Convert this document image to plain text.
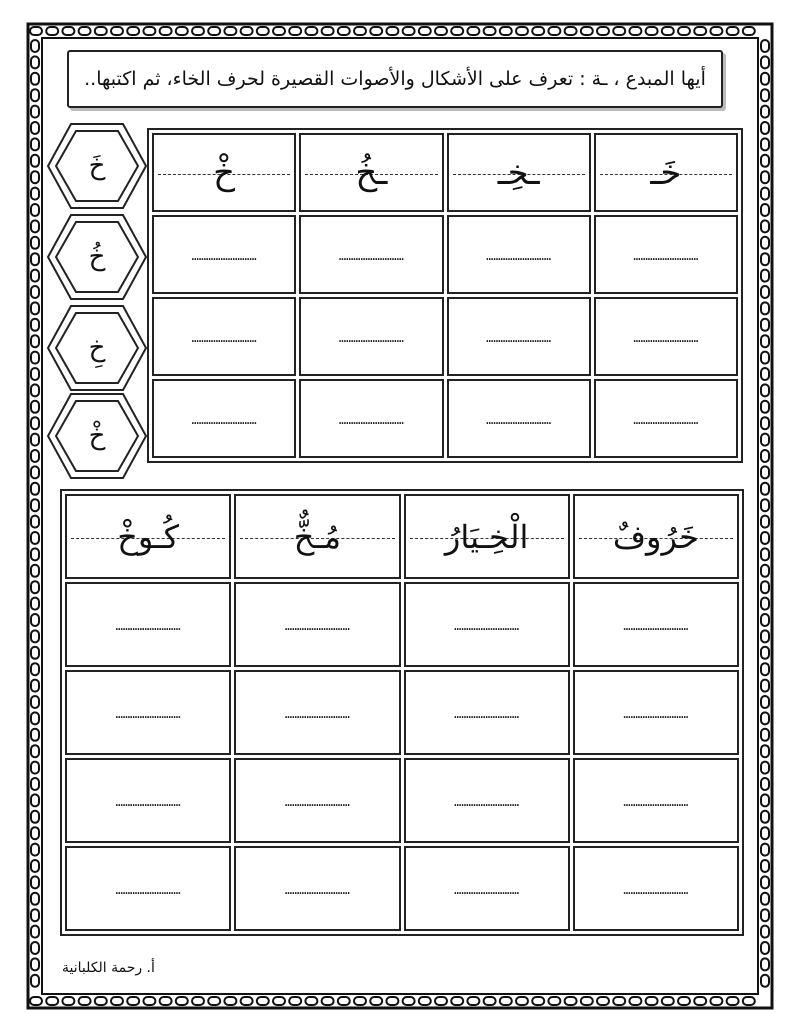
أيها المبدع ، ـة : تعرف على الأشكال والأصوات القصيرة لحرف الخاء، ثم اكتبها..
خَ
خُ
خِ
خْ
خْ	ـخُ	ـخِـ	خَـ
………………………	………………………	………………………	………………………
………………………	………………………	………………………	………………………
………………………	………………………	………………………	………………………
كُـوخْ	مُـخٌّ	الْخِـيَارُ	خَرُوفٌ
………………………	………………………	………………………	………………………
………………………	………………………	………………………	………………………
………………………	………………………	………………………	………………………
………………………	………………………	………………………	………………………
أ. رحمة الكلبانية
